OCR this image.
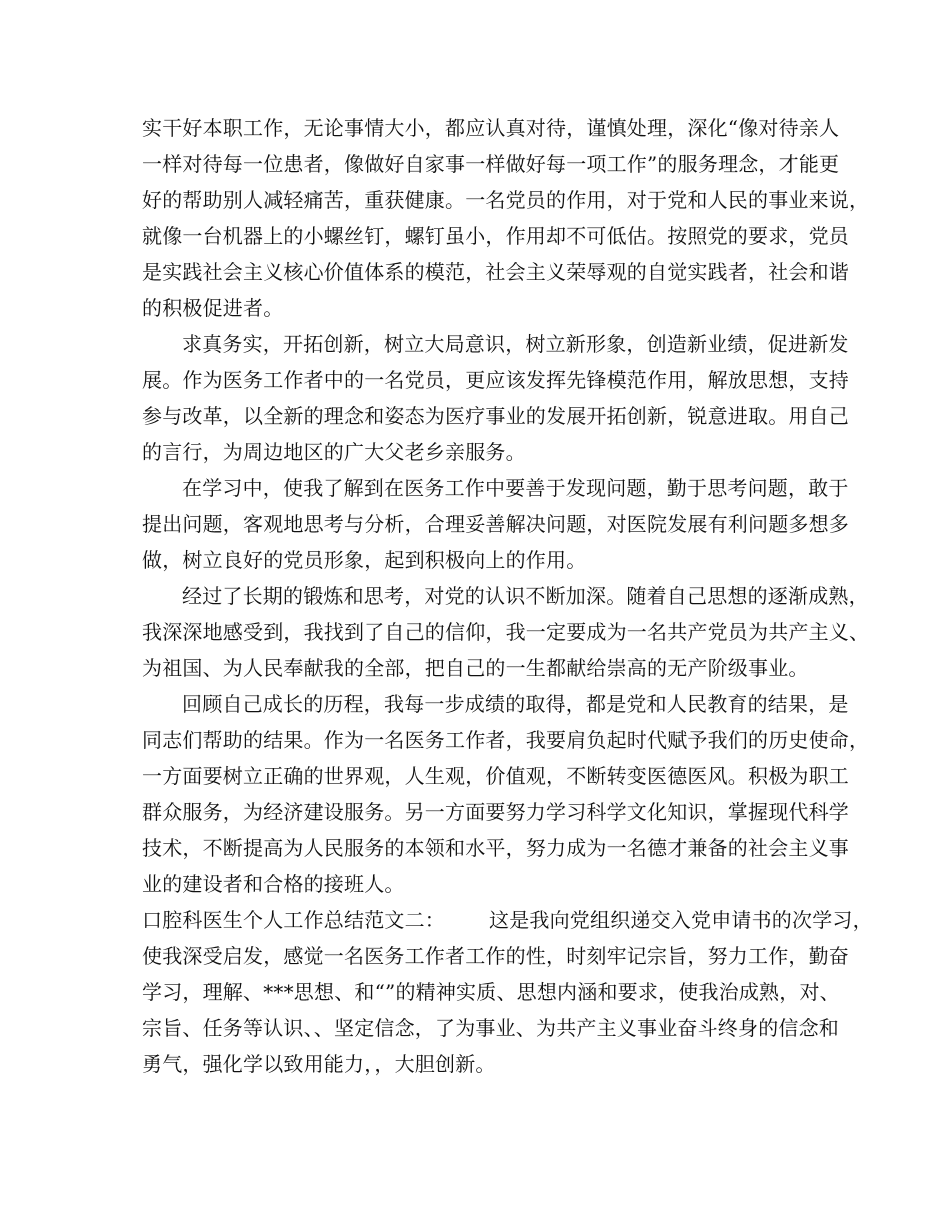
实干好本职工作，无论事情大小，都应认真对待，谨慎处理，深化“像对待亲人
一样对待每一位患者，像做好自家事一样做好每一项工作”的服务理念，才能更
好的帮助别人减轻痛苦，重获健康。一名党员的作用，对于党和人民的事业来说，
就像一台机器上的小螺丝钉，螺钉虽小，作用却不可低估。按照党的要求，党员
是实践社会主义核心价值体系的模范，社会主义荣辱观的自觉实践者，社会和谐
的积极促进者。
求真务实，开拓创新，树立大局意识，树立新形象，创造新业绩，促进新发
展。作为医务工作者中的一名党员，更应该发挥先锋模范作用，解放思想，支持
参与改革，以全新的理念和姿态为医疗事业的发展开拓创新，锐意进取。用自己
的言行，为周边地区的广大父老乡亲服务。
在学习中，使我了解到在医务工作中要善于发现问题，勤于思考问题，敢于
提出问题，客观地思考与分析，合理妥善解决问题，对医院发展有利问题多想多
做，树立良好的党员形象，起到积极向上的作用。
经过了长期的锻炼和思考，对党的认识不断加深。随着自己思想的逐渐成熟，
我深深地感受到，我找到了自己的信仰，我一定要成为一名共产党员为共产主义、
为祖国、为人民奉献我的全部，把自己的一生都献给崇高的无产阶级事业。
回顾自己成长的历程，我每一步成绩的取得，都是党和人民教育的结果，是
同志们帮助的结果。作为一名医务工作者，我要肩负起时代赋予我们的历史使命，
一方面要树立正确的世界观，人生观，价值观，不断转变医德医风。积极为职工
群众服务，为经济建设服务。另一方面要努力学习科学文化知识，掌握现代科学
技术，不断提高为人民服务的本领和水平，努力成为一名德才兼备的社会主义事
业的建设者和合格的接班人。
口腔科医生个人工作总结范文二： 这是我向党组织递交入党申请书的次学习，
使我深受启发，感觉一名医务工作者工作的性，时刻牢记宗旨，努力工作，勤奋
学习，理解、***思想、和“”的精神实质、思想内涵和要求，使我治成熟，对、
宗旨、任务等认识、、坚定信念，了为事业、为共产主义事业奋斗终身的信念和
勇气，强化学以致用能力，，大胆创新。
